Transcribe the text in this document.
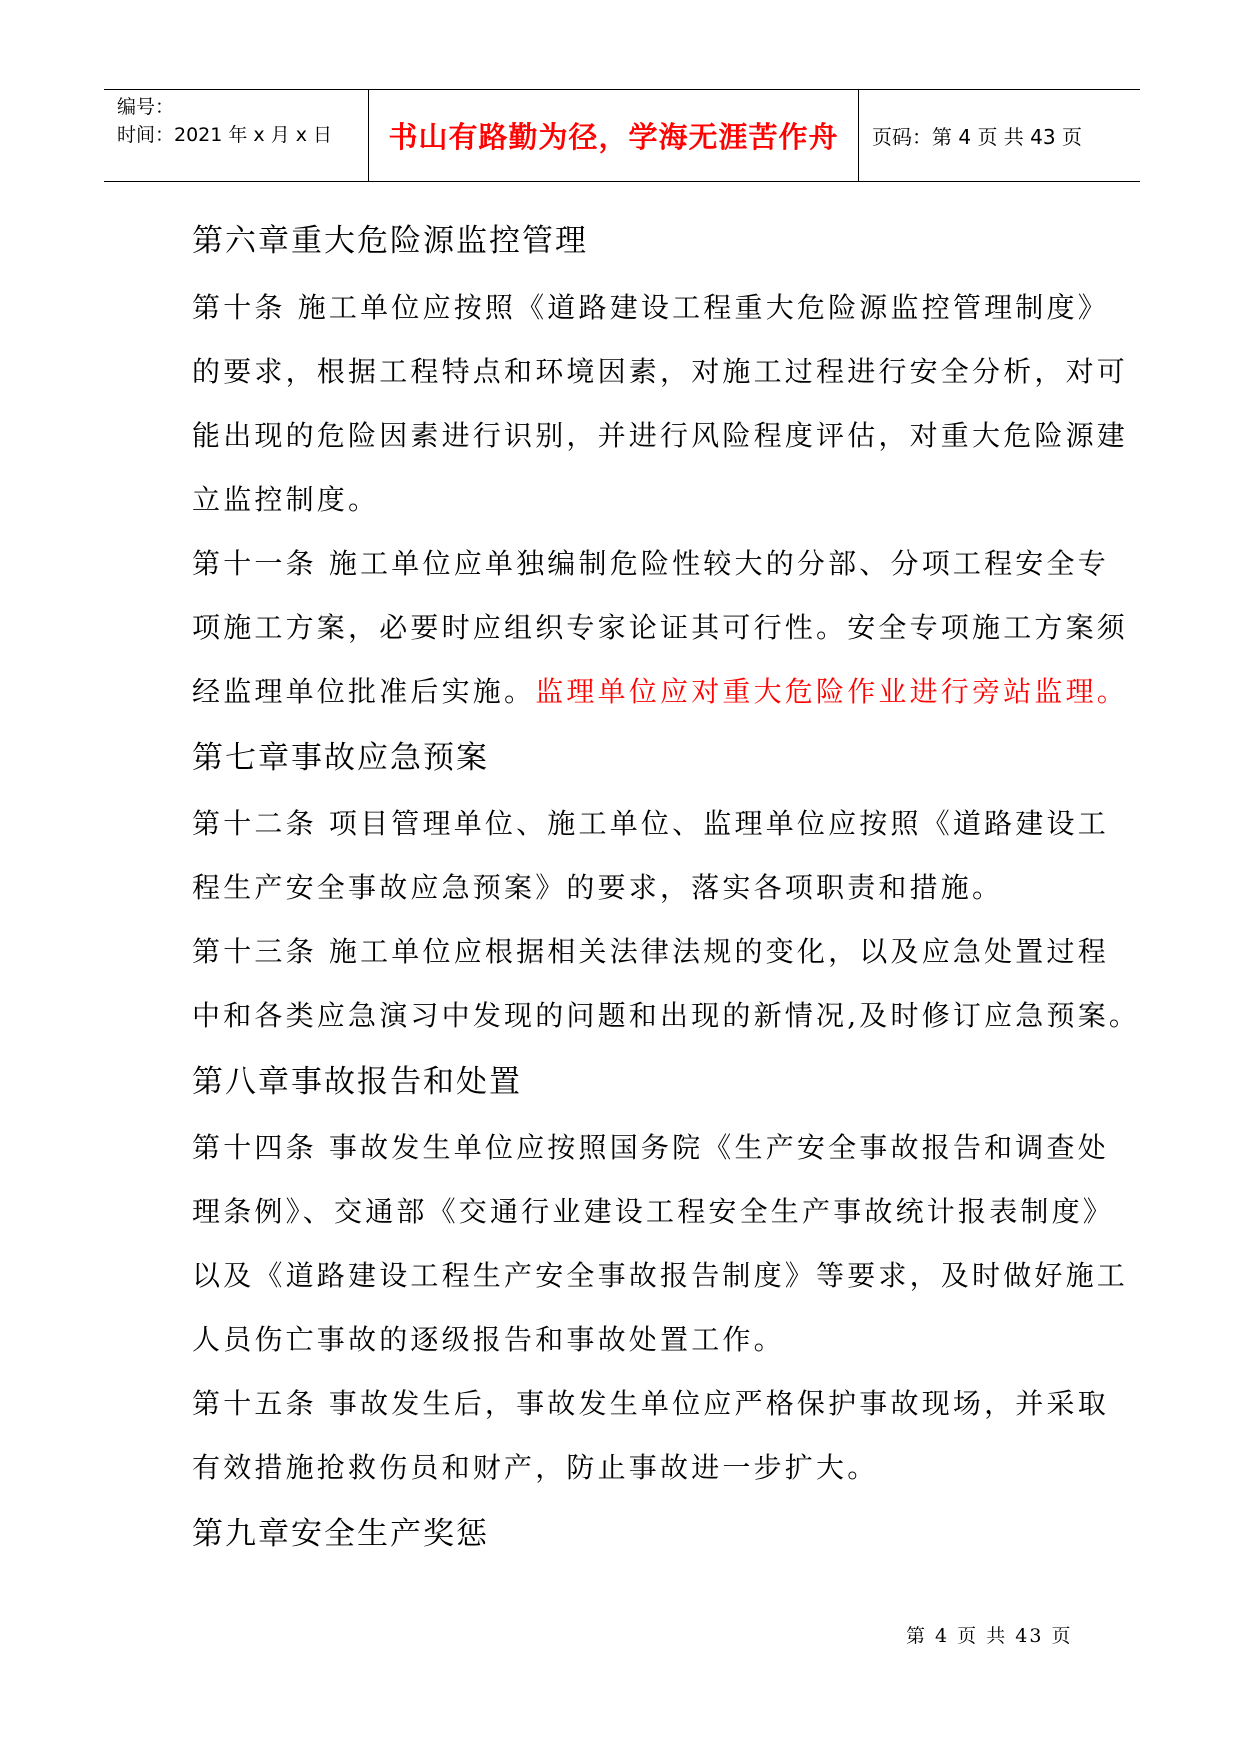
编号：
时间：2021 年 x 月 x 日 书山有路勤为径，学海无涯苦作舟	页码：第 4 页 共 43 页
第六章重大危险源监控管理
第十条 施工单位应按照《道路建设工程重大危险源监控管理制度》
的要求，根据工程特点和环境因素，对施工过程进行安全分析，对可
能出现的危险因素进行识别，并进行风险程度评估，对重大危险源建
立监控制度。
第十一条 施工单位应单独编制危险性较大的分部、分项工程安全专
项施工方案，必要时应组织专家论证其可行性。安全专项施工方案须
经监理单位批准后实施。监理单位应对重大危险作业进行旁站监理。
第七章事故应急预案
第十二条 项目管理单位、施工单位、监理单位应按照《道路建设工
程生产安全事故应急预案》的要求，落实各项职责和措施。
第十三条 施工单位应根据相关法律法规的变化，以及应急处置过程
中和各类应急演习中发现的问题和出现的新情况,及时修订应急预案。
第八章事故报告和处置
第十四条 事故发生单位应按照国务院《生产安全事故报告和调查处
理条例》、交通部《交通行业建设工程安全生产事故统计报表制度》
以及《道路建设工程生产安全事故报告制度》等要求，及时做好施工
人员伤亡事故的逐级报告和事故处置工作。
第十五条 事故发生后，事故发生单位应严格保护事故现场，并采取
有效措施抢救伤员和财产，防止事故进一步扩大。
第九章安全生产奖惩
第 4 页 共 43 页
